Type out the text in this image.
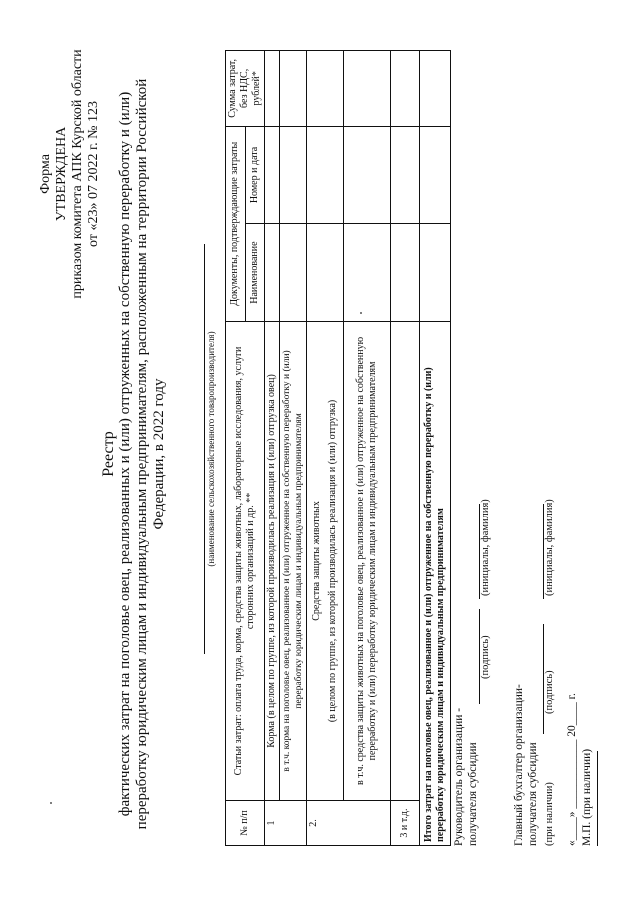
Форма УТВЕРЖДЕНА приказом комитета АПК Курской области от «23» 07 2022 г. № 123
Реестр фактических затрат на поголовье овец, реализованных и (или) отгруженных на собственную переработку и (или) переработку юридическим лицам и индивидуальным предпринимателям, расположенным на территории Российской Федерации, в 2022 году	(наименование сельскохозяйственного товаропроизводителя)
№ п/п	Статьи затрат: оплата труда, корма, средства защиты животных, лабораторные исследования, услуги сторонних организаций и др. **	Документы, подтверждающие затраты		Сумма затрат, без НДС, рублей*
		Наименование	Номер и дата	
1	Корма (в целом по группе, из которой производилась реализация и (или) отгрузка овец)			
	в т.ч. корма на поголовье овец, реализованное и (или) отгруженное на собственную переработку и (или) переработку юридическим лицам и индивидуальным предпринимателям			
2.	Средства защиты животных (в целом по группе, из которой производилась реализация и (или) отгрузка)			

	в т.ч. средства защиты животных на поголовье овец, реализованное и (или) отгруженное на собственную переработку и (или) переработку юридическим лицам и индивидуальным предпринимателям			
3 и т.д.				
Итого затрат на поголовье овец, реализованное и (или) отгруженное на собственную переработку и (или) переработку юридическим лицам и индивидуальным предпринимателям				Руководитель организации - получателя субсидии
(подпись)
(инициалы, фамилия)
Главный бухгалтер организации- получателя субсидии (при наличии)
(подпись)
(инициалы, фамилия)
«____» ____________ 20____ г. М.П. (при наличии)
